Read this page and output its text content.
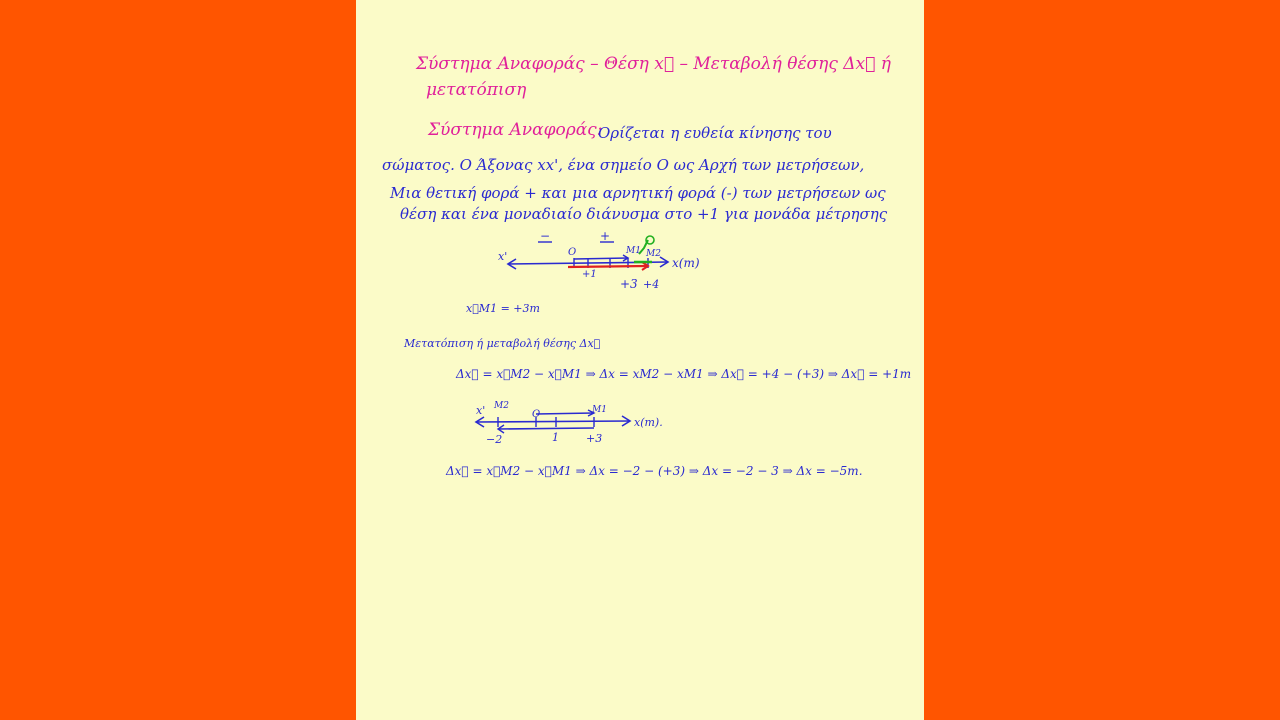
Σύστημα Αναφοράς – Θέση x⃗ – Μεταβολή θέσης Δx⃗ ή
μετατόπιση
Σύστημα Αναφοράς:
Ορίζεται η ευθεία κίνησης του
σώματος. Ο Άξονας xx', ένα σημείο Ο ως Αρχή των μετρήσεων,
Μια θετική φορά + και μια αρνητική φορά (-) των μετρήσεων ως
θέση και ένα μοναδιαίο διάνυσμα στο +1 για μονάδα μέτρησης
x'
−	+
O	M1 M2
x(m)
+1
+3 +4
x⃗M1 = +3m
Μετατόπιση ή μεταβολή θέσης Δx⃗
Δx⃗ = x⃗M2 − x⃗M1 ⇒ Δx = xM2 − xM1 ⇒ Δx⃗ = +4 − (+3) ⇒ Δx⃗ = +1m
x' M2
O	M1
x(m).
−2	1 +3
Δx⃗ = x⃗M2 − x⃗M1 ⇒ Δx = −2 − (+3) ⇒ Δx = −2 − 3 ⇒ Δx = −5m.
